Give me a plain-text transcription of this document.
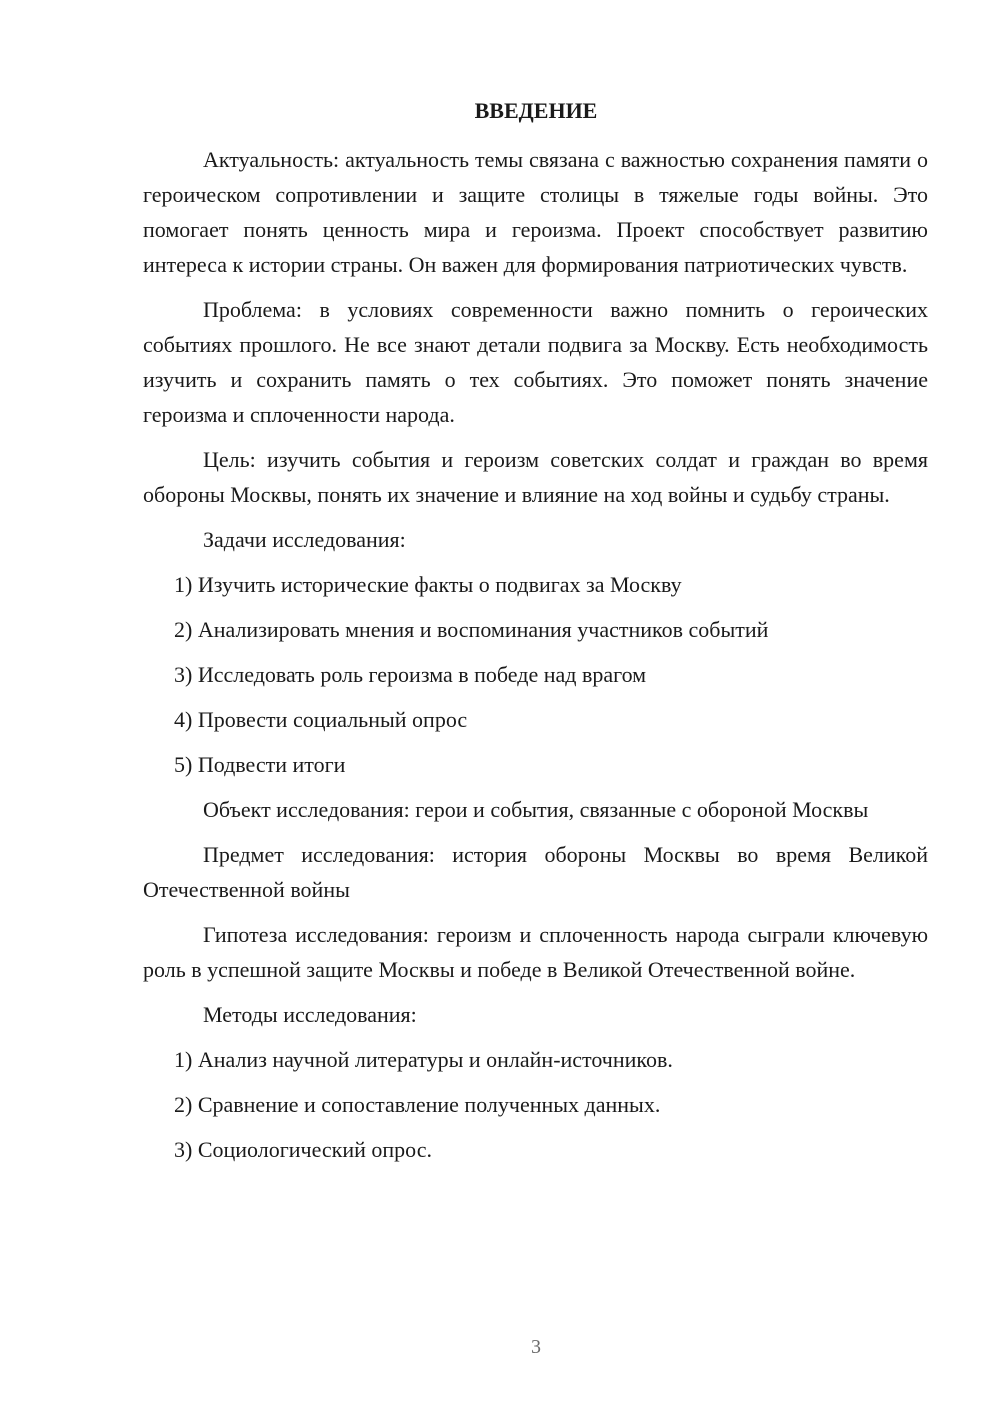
ВВЕДЕНИЕ

Актуальность: актуальность темы связана с важностью сохранения памяти о героическом сопротивлении и защите столицы в тяжелые годы войны. Это помогает понять ценность мира и героизма. Проект способствует развитию интереса к истории страны. Он важен для формирования патриотических чувств.

Проблема: в условиях современности важно помнить о героических событиях прошлого. Не все знают детали подвига за Москву. Есть необходимость изучить и сохранить память о тех событиях. Это поможет понять значение героизма и сплоченности народа.

Цель: изучить события и героизм советских солдат и граждан во время обороны Москвы, понять их значение и влияние на ход войны и судьбу страны.

Задачи исследования:

1) Изучить исторические факты о подвигах за Москву

2) Анализировать мнения и воспоминания участников событий

3) Исследовать роль героизма в победе над врагом

4) Провести социальный опрос

5) Подвести итоги

Объект исследования: герои и события, связанные с обороной Москвы

Предмет исследования: история обороны Москвы во время Великой Отечественной войны

Гипотеза исследования: героизм и сплоченность народа сыграли ключевую роль в успешной защите Москвы и победе в Великой Отечественной войне.

Методы исследования:

1) Анализ научной литературы и онлайн-источников.

2) Сравнение и сопоставление полученных данных.

3) Социологический опрос.

3
